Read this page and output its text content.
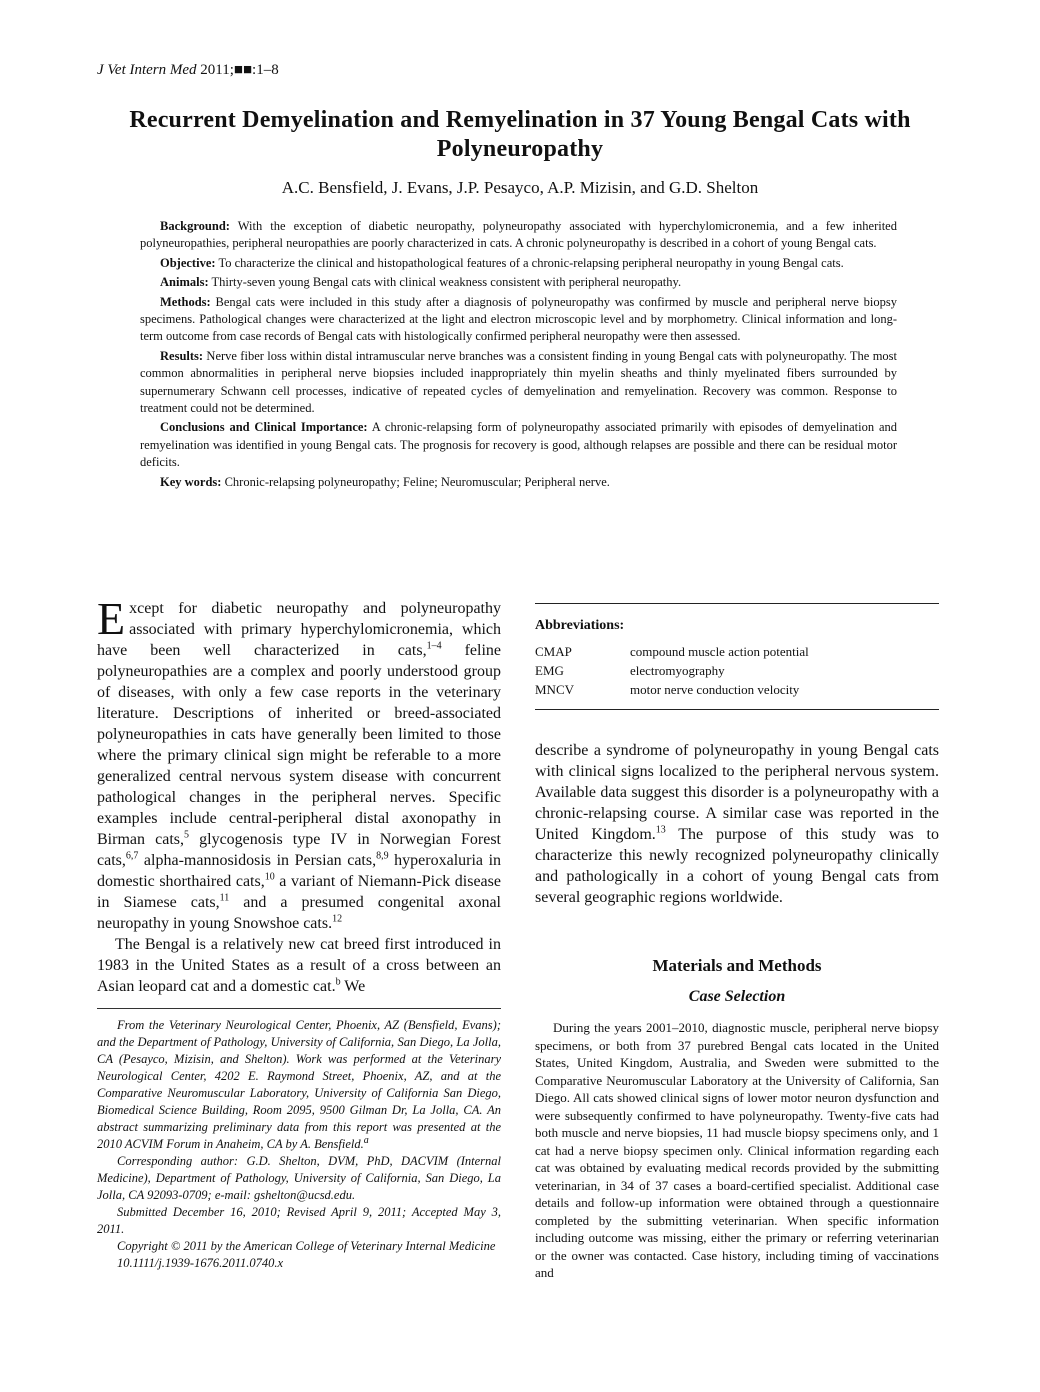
J Vet Intern Med 2011;■■:1–8
Recurrent Demyelination and Remyelination in 37 Young Bengal Cats with Polyneuropathy
A.C. Bensfield, J. Evans, J.P. Pesayco, A.P. Mizisin, and G.D. Shelton

Background: With the exception of diabetic neuropathy, polyneuropathy associated with hyperchylomicronemia, and a few inherited polyneuropathies, peripheral neuropathies are poorly characterized in cats. A chronic polyneuropathy is described in a cohort of young Bengal cats.

Objective: To characterize the clinical and histopathological features of a chronic-relapsing peripheral neuropathy in young Bengal cats.

Animals: Thirty-seven young Bengal cats with clinical weakness consistent with peripheral neuropathy.

Methods: Bengal cats were included in this study after a diagnosis of polyneuropathy was confirmed by muscle and peripheral nerve biopsy specimens. Pathological changes were characterized at the light and electron microscopic level and by morphometry. Clinical information and long-term outcome from case records of Bengal cats with histologically confirmed peripheral neuropathy were then assessed.

Results: Nerve fiber loss within distal intramuscular nerve branches was a consistent finding in young Bengal cats with polyneuropathy. The most common abnormalities in peripheral nerve biopsies included inappropriately thin myelin sheaths and thinly myelinated fibers surrounded by supernumerary Schwann cell processes, indicative of repeated cycles of demyelination and remyelination. Recovery was common. Response to treatment could not be determined.

Conclusions and Clinical Importance: A chronic-relapsing form of polyneuropathy associated primarily with episodes of demyelination and remyelination was identified in young Bengal cats. The prognosis for recovery is good, although relapses are possible and there can be residual motor deficits.

Key words: Chronic-relapsing polyneuropathy; Feline; Neuromuscular; Peripheral nerve.

Except for diabetic neuropathy and polyneuropathy associated with primary hyperchylomicronemia, which have been well characterized in cats,$^{1-4}$ feline polyneuropathies are a complex and poorly understood group of diseases, with only a few case reports in the veterinary literature. Descriptions of inherited or breed-associated polyneuropathies in cats have generally been limited to those where the primary clinical sign might be referable to a more generalized central nervous system disease with concurrent pathological changes in the peripheral nerves. Specific examples include central-peripheral distal axonopathy in Birman cats,$^5$ glycogenosis type IV in Norwegian Forest cats,$^{6,7}$ alpha-mannosidosis in Persian cats,$^{8,9}$ hyperoxaluria in domestic shorthaired cats,$^{10}$ a variant of Niemann-Pick disease in Siamese cats,$^{11}$ and a presumed congenital axonal neuropathy in young Snowshoe cats.$^{12}$

The Bengal is a relatively new cat breed first introduced in 1983 in the United States as a result of a cross between an Asian leopard cat and a domestic cat.$^b$ We

From the Veterinary Neurological Center, Phoenix, AZ (Bensfield, Evans); and the Department of Pathology, University of California, San Diego, La Jolla, CA (Pesayco, Mizisin, and Shelton). Work was performed at the Veterinary Neurological Center, 4202 E. Raymond Street, Phoenix, AZ, and at the Comparative Neuromuscular Laboratory, University of California San Diego, Biomedical Science Building, Room 2095, 9500 Gilman Dr, La Jolla, CA. An abstract summarizing preliminary data from this report was presented at the 2010 ACVIM Forum in Anaheim, CA by A. Bensfield.$^a$

Corresponding author: G.D. Shelton, DVM, PhD, DACVIM (Internal Medicine), Department of Pathology, University of California, San Diego, La Jolla, CA 92093-0709; e-mail: gshelton@ucsd.edu.

Submitted December 16, 2010; Revised April 9, 2011; Accepted May 3, 2011.

Copyright © 2011 by the American College of Veterinary Internal Medicine

10.1111/j.1939-1676.2011.0740.x

Abbreviations:
CMAP	compound muscle action potential
EMG	electromyography
MNCV	motor nerve conduction velocity

describe a syndrome of polyneuropathy in young Bengal cats with clinical signs localized to the peripheral nervous system. Available data suggest this disorder is a polyneuropathy with a chronic-relapsing course. A similar case was reported in the United Kingdom.$^{13}$ The purpose of this study was to characterize this newly recognized polyneuropathy clinically and pathologically in a cohort of young Bengal cats from several geographic regions worldwide.

Materials and Methods
Case Selection

During the years 2001–2010, diagnostic muscle, peripheral nerve biopsy specimens, or both from 37 purebred Bengal cats located in the United States, United Kingdom, Australia, and Sweden were submitted to the Comparative Neuromuscular Laboratory at the University of California, San Diego. All cats showed clinical signs of lower motor neuron dysfunction and were subsequently confirmed to have polyneuropathy. Twenty-five cats had both muscle and nerve biopsies, 11 had muscle biopsy specimens only, and 1 cat had a nerve biopsy specimen only. Clinical information regarding each cat was obtained by evaluating medical records provided by the submitting veterinarian, in 34 of 37 cases a board-certified specialist. Additional case details and follow-up information were obtained through a questionnaire completed by the submitting veterinarian. When specific information including outcome was missing, either the primary or referring veterinarian or the owner was contacted. Case history, including timing of vaccinations and
